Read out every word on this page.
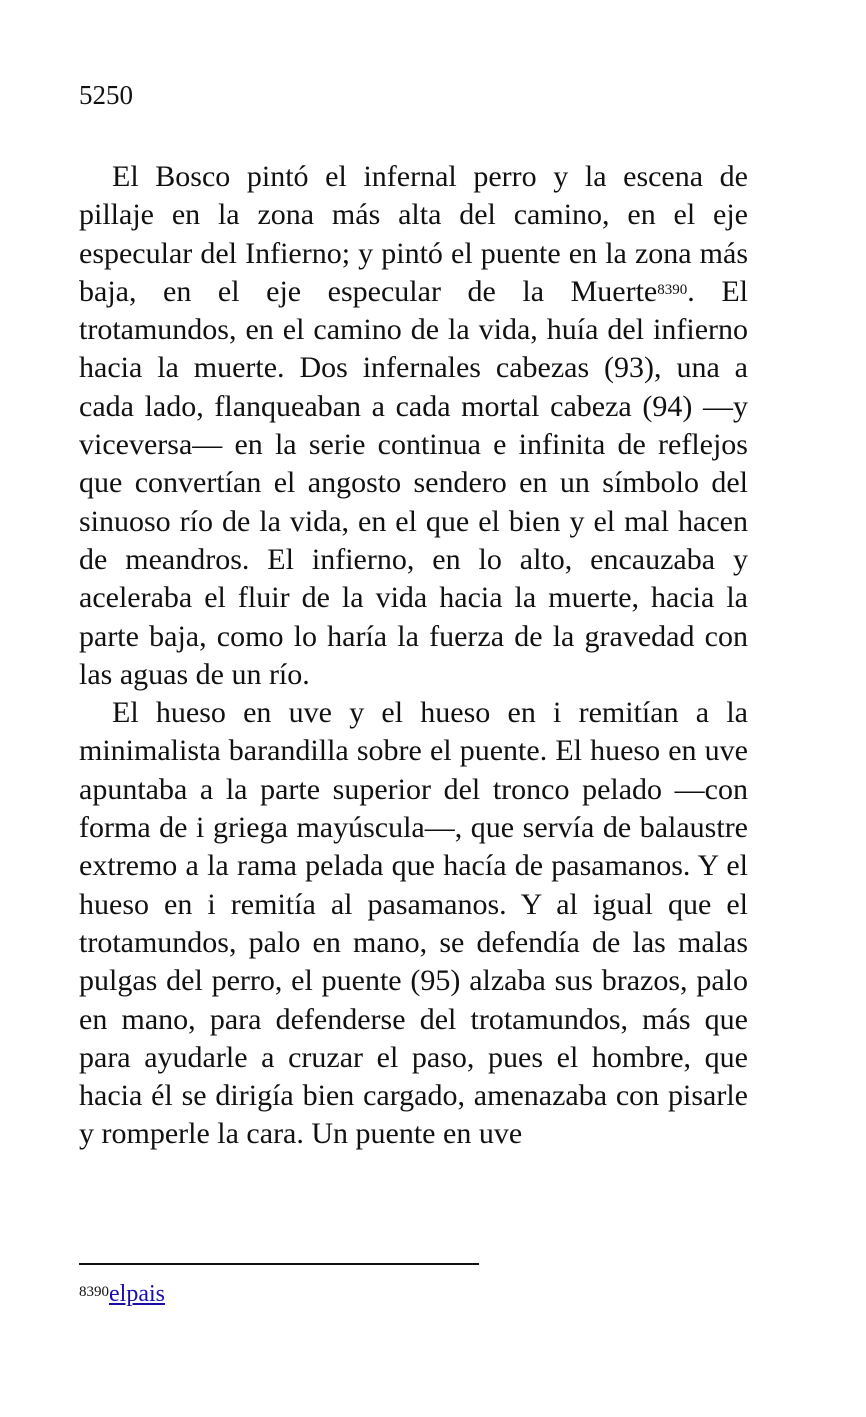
5250

El Bosco pintó el infernal perro y la escena de pillaje en la zona más alta del camino, en el eje especular del Infierno; y pintó el puente en la zona más baja, en el eje especular de la Muerte$^{8390}$. El trotamundos, en el camino de la vida, huía del infierno hacia la muerte. Dos infernales cabezas (93), una a cada lado, flanqueaban a cada mortal cabeza (94) —y viceversa— en la serie continua e infinita de reflejos que convertían el angosto sendero en un símbolo del sinuoso río de la vida, en el que el bien y el mal hacen de meandros. El infierno, en lo alto, encauzaba y aceleraba el fluir de la vida hacia la muerte, hacia la parte baja, como lo haría la fuerza de la gravedad con las aguas de un río.

El hueso en uve y el hueso en i remitían a la minimalista barandilla sobre el puente. El hueso en uve apuntaba a la parte superior del tronco pelado —con forma de i griega mayúscula—, que servía de balaustre extremo a la rama pelada que hacía de pasamanos. Y el hueso en i remitía al pasamanos. Y al igual que el trotamundos, palo en mano, se defendía de las malas pulgas del perro, el puente (95) alzaba sus brazos, palo en mano, para defenderse del trotamundos, más que para ayudarle a cruzar el paso, pues el hombre, que hacia él se dirigía bien cargado, amenazaba con pisarle y romperle la cara. Un puente en uve

$^{8390}$elpais
